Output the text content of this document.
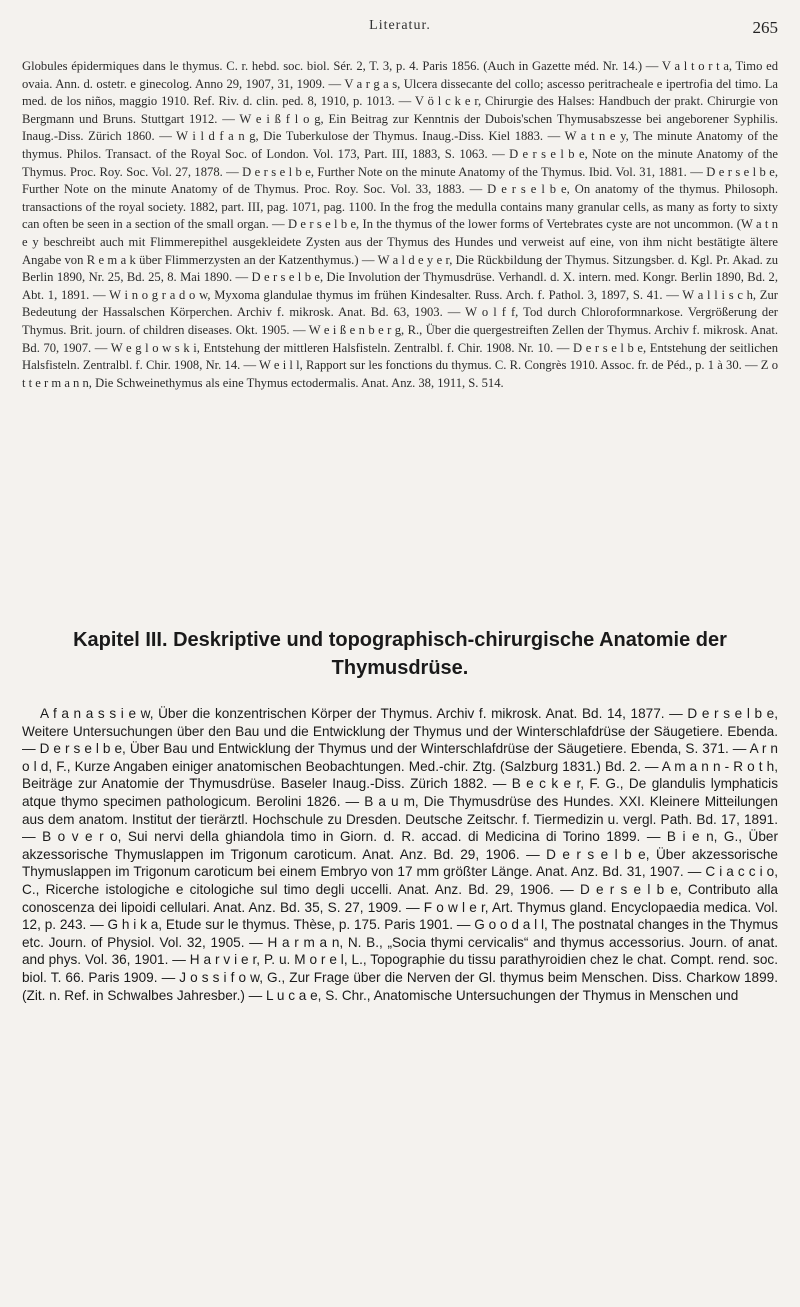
Literatur.	265

Globules épidermiques dans le thymus. C. r. hebd. soc. biol. Sér. 2, T. 3, p. 4. Paris 1856. (Auch in Gazette méd. Nr. 14.) — V a l t o r t a, Timo ed ovaia. Ann. d. ostetr. e ginecolog. Anno 29, 1907, 31, 1909. — V a r g a s, Ulcera dissecante del collo; ascesso peritracheale e ipertrofia del timo. La med. de los niños, maggio 1910. Ref. Riv. d. clin. ped. 8, 1910, p. 1013. — V ö l c k e r, Chirurgie des Halses: Handbuch der prakt. Chirurgie von Bergmann und Bruns. Stuttgart 1912. — W e i ß f l o g, Ein Beitrag zur Kenntnis der Dubois'schen Thymusabszesse bei angeborener Syphilis. Inaug.-Diss. Zürich 1860. — W i l d f a n g, Die Tuberkulose der Thymus. Inaug.-Diss. Kiel 1883. — W a t n e y, The minute Anatomy of the thymus. Philos. Transact. of the Royal Soc. of London. Vol. 173, Part. III, 1883, S. 1063. — D e r s e l b e, Note on the minute Anatomy of the Thymus. Proc. Roy. Soc. Vol. 27, 1878. — D e r s e l b e, Further Note on the minute Anatomy of the Thymus. Ibid. Vol. 31, 1881. — D e r s e l b e, Further Note on the minute Anatomy of de Thymus. Proc. Roy. Soc. Vol. 33, 1883. — D e r s e l b e, On anatomy of the thymus. Philosoph. transactions of the royal society. 1882, part. III, pag. 1071, pag. 1100. In the frog the medulla contains many granular cells, as many as forty to sixty can often be seen in a section of the small organ. — D e r s e l b e, In the thymus of the lower forms of Vertebrates cyste are not uncommon. (W a t n e y beschreibt auch mit Flimmerepithel ausgekleidete Zysten aus der Thymus des Hundes und verweist auf eine, von ihm nicht bestätigte ältere Angabe von R e m a k über Flimmerzysten an der Katzenthymus.) — W a l d e y e r, Die Rückbildung der Thymus. Sitzungsber. d. Kgl. Pr. Akad. zu Berlin 1890, Nr. 25, Bd. 25, 8. Mai 1890. — D e r s e l b e, Die Involution der Thymusdrüse. Verhandl. d. X. intern. med. Kongr. Berlin 1890, Bd. 2, Abt. 1, 1891. — W i n o g r a d o w, Myxoma glandulae thymus im frühen Kindesalter. Russ. Arch. f. Pathol. 3, 1897, S. 41. — W a l l i s c h, Zur Bedeutung der Hassalschen Körperchen. Archiv f. mikrosk. Anat. Bd. 63, 1903. — W o l f f, Tod durch Chloroformnarkose. Vergrößerung der Thymus. Brit. journ. of children diseases. Okt. 1905. — W e i ß e n b e r g, R., Über die quergestreiften Zellen der Thymus. Archiv f. mikrosk. Anat. Bd. 70, 1907. — W e g l o w s k i, Entstehung der mittleren Halsfisteln. Zentralbl. f. Chir. 1908. Nr. 10. — D e r s e l b e, Entstehung der seitlichen Halsfisteln. Zentralbl. f. Chir. 1908, Nr. 14. — W e i l l, Rapport sur les fonctions du thymus. C. R. Congrès 1910. Assoc. fr. de Péd., p. 1 à 30. — Z o t t e r m a n n, Die Schweinethymus als eine Thymus ectodermalis. Anat. Anz. 38, 1911, S. 514.

Kapitel III. Deskriptive und topographisch-chirurgische Anatomie der
Thymusdrüse.

A f a n a s s i e w, Über die konzentrischen Körper der Thymus. Archiv f. mikrosk. Anat. Bd. 14, 1877. — D e r s e l b e, Weitere Untersuchungen über den Bau und die Entwicklung der Thymus und der Winterschlafdrüse der Säugetiere. Ebenda. — D e r s e l b e, Über Bau und Entwicklung der Thymus und der Winterschlafdrüse der Säugetiere. Ebenda, S. 371. — A r n o l d, F., Kurze Angaben einiger anatomischen Beobachtungen. Med.-chir. Ztg. (Salzburg 1831.) Bd. 2. — A m a n n - R o t h, Beiträge zur Anatomie der Thymusdrüse. Baseler Inaug.-Diss. Zürich 1882. — B e c k e r, F. G., De glandulis lymphaticis atque thymo specimen pathologicum. Berolini 1826. — B a u m, Die Thymusdrüse des Hundes. XXI. Kleinere Mitteilungen aus dem anatom. Institut der tierärztl. Hochschule zu Dresden. Deutsche Zeitschr. f. Tiermedizin u. vergl. Path. Bd. 17, 1891. — B o v e r o, Sui nervi della ghiandola timo in Giorn. d. R. accad. di Medicina di Torino 1899. — B i e n, G., Über akzessorische Thymuslappen im Trigonum caroticum. Anat. Anz. Bd. 29, 1906. — D e r s e l b e, Über akzessorische Thymuslappen im Trigonum caroticum bei einem Embryo von 17 mm größter Länge. Anat. Anz. Bd. 31, 1907. — C i a c c i o, C., Ricerche istologiche e citologiche sul timo degli uccelli. Anat. Anz. Bd. 29, 1906. — D e r s e l b e, Contributo alla conoscenza dei lipoidi cellulari. Anat. Anz. Bd. 35, S. 27, 1909. — F o w l e r, Art. Thymus gland. Encyclopaedia medica. Vol. 12, p. 243. — G h i k a, Etude sur le thymus. Thèse, p. 175. Paris 1901. — G o o d a l l, The postnatal changes in the Thymus etc. Journ. of Physiol. Vol. 32, 1905. — H a r m a n, N. B., „Socia thymi cervicalis“ and thymus accessorius. Journ. of anat. and phys. Vol. 36, 1901. — H a r v i e r, P. u. M o r e l, L., Topographie du tissu parathyroidien chez le chat. Compt. rend. soc. biol. T. 66. Paris 1909. — J o s s i f o w, G., Zur Frage über die Nerven der Gl. thymus beim Menschen. Diss. Charkow 1899. (Zit. n. Ref. in Schwalbes Jahresber.) — L u c a e, S. Chr., Anatomische Untersuchungen der Thymus in Menschen und
